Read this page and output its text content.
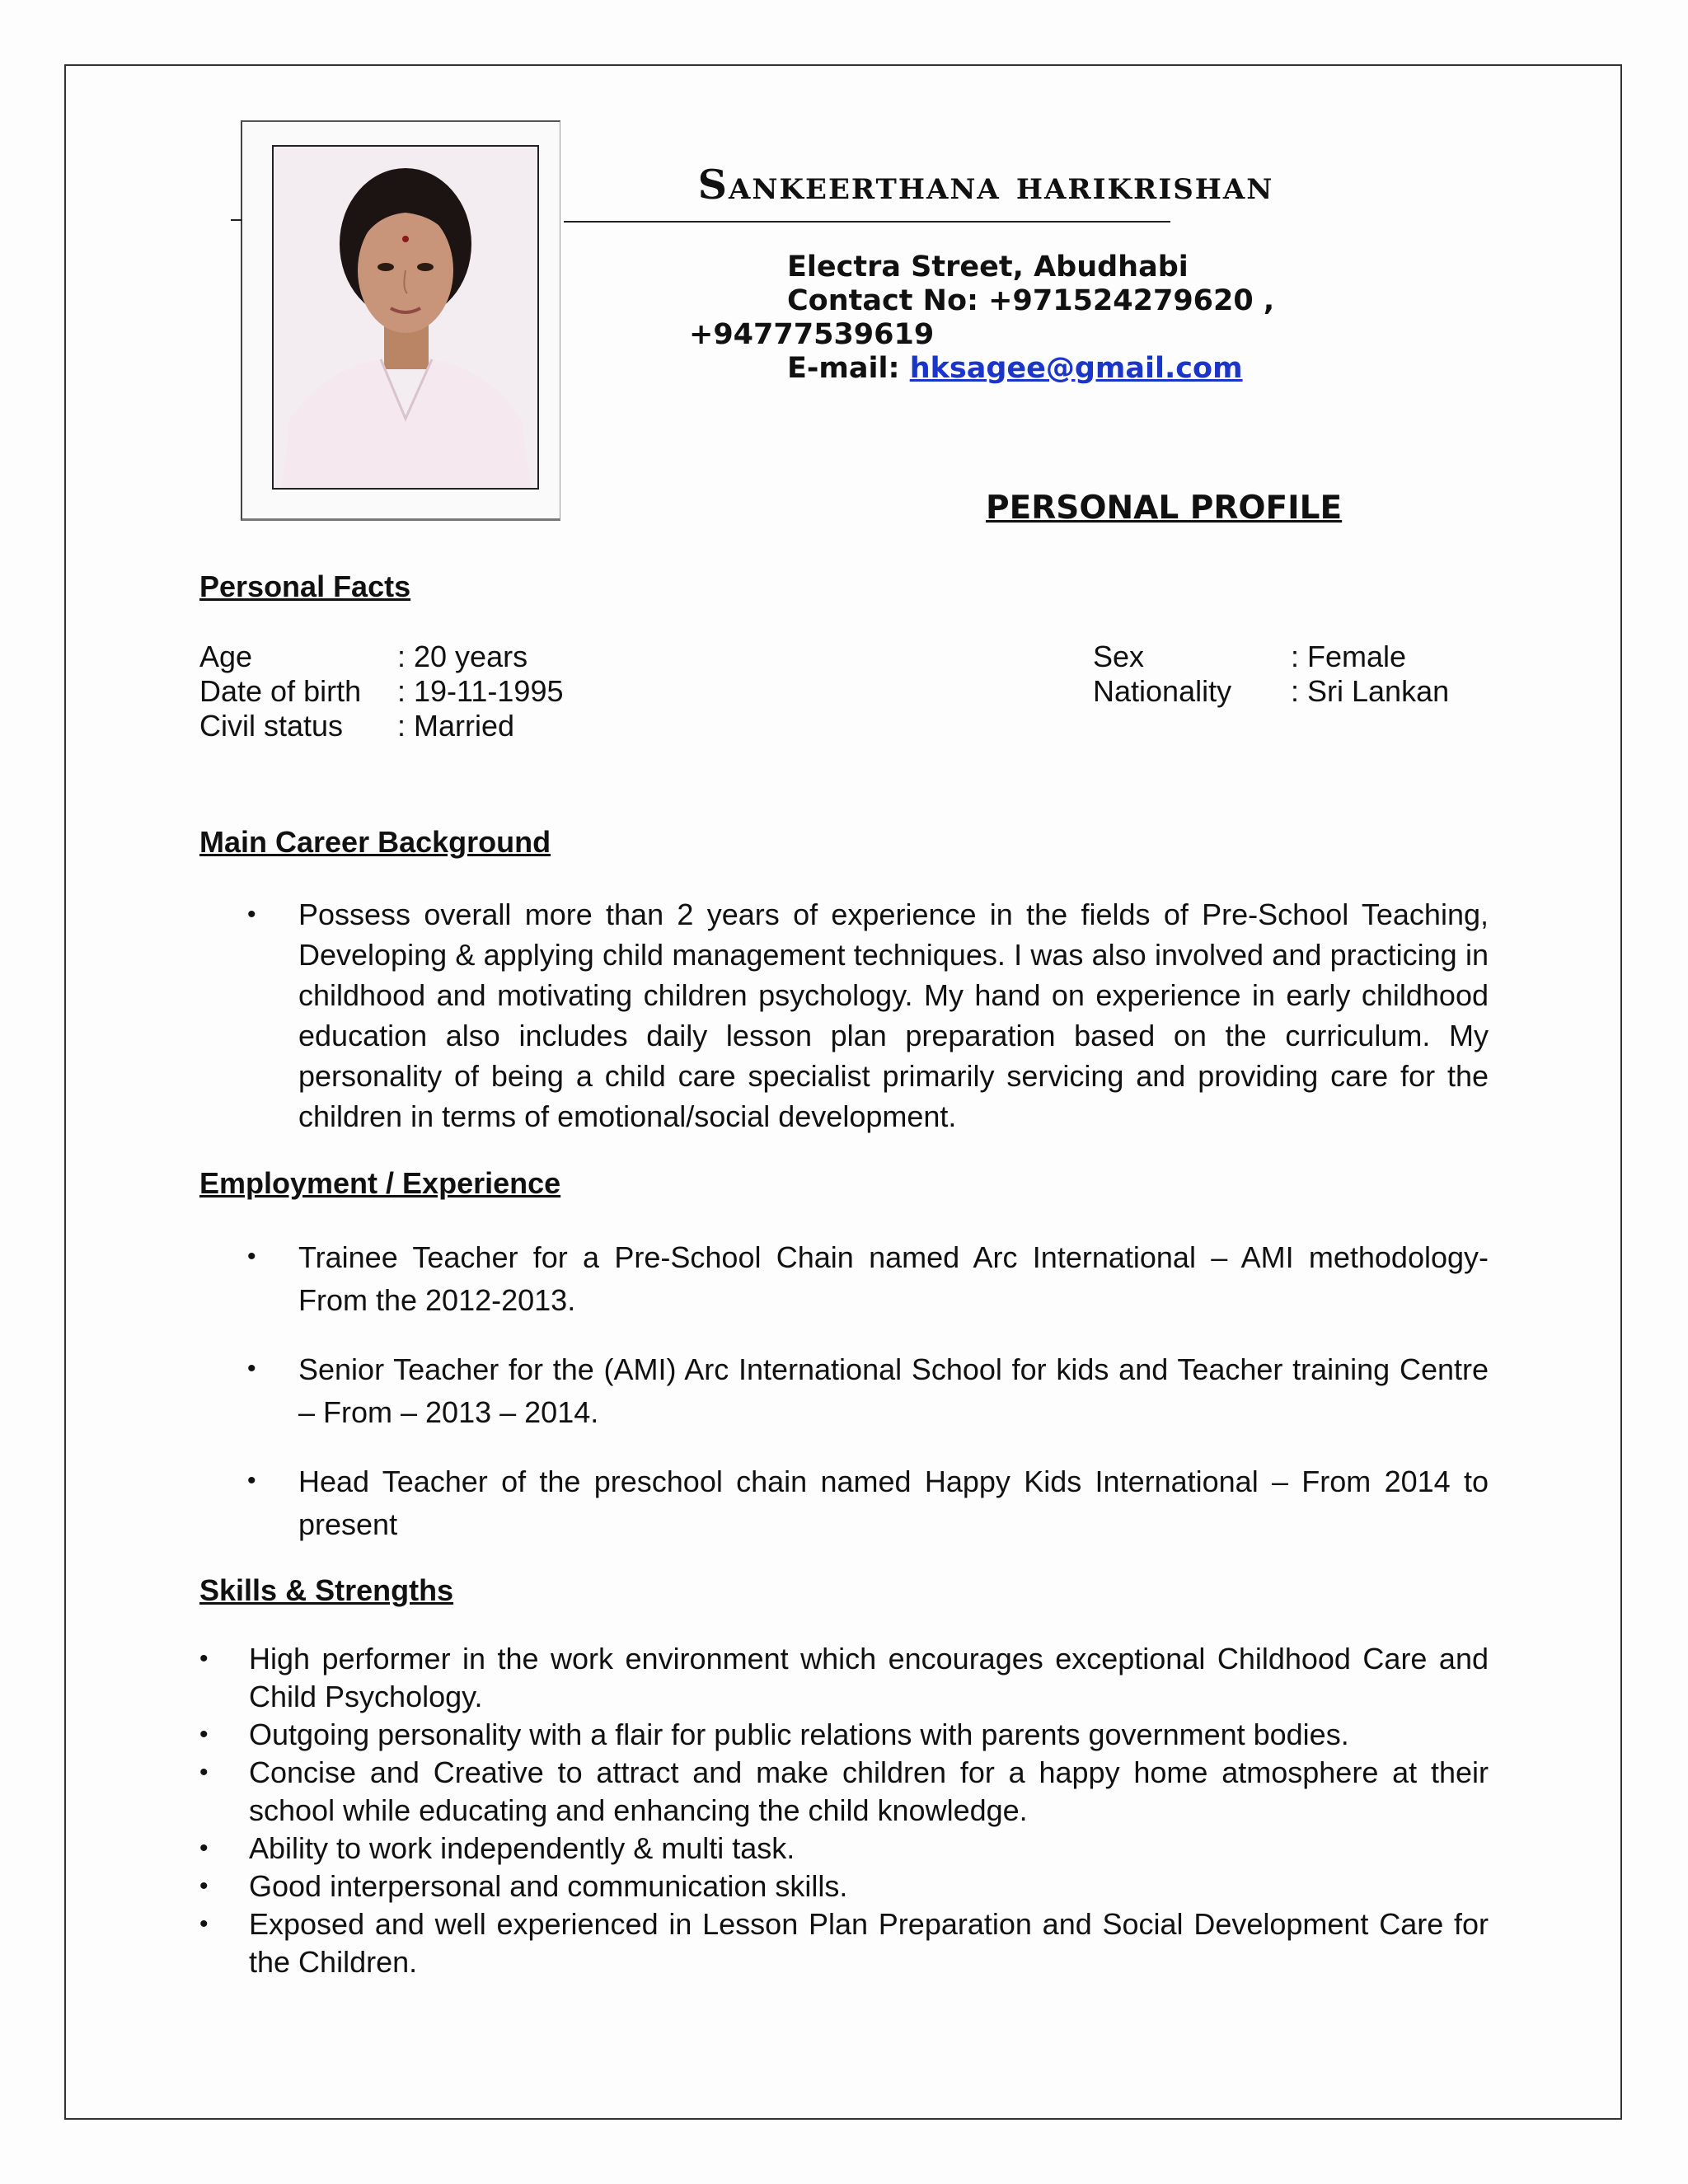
Sankeerthana harikrishan
Electra Street, Abudhabi
Contact No: +971524279620 ,
+94777539619
E-mail: hksagee@gmail.com
PERSONAL PROFILE
Personal Facts
Age	: 20 years
Date of birth : 19-11-1995
Civil status : Married
Sex	: Female
Nationality : Sri Lankan
Main Career Background
• Possess overall more than 2 years of experience in the fields of Pre-School Teaching, Developing & applying child management techniques. I was also involved and practicing in childhood and motivating children psychology. My hand on experience in early childhood education also includes daily lesson plan preparation based on the curriculum. My personality of being a child care specialist primarily servicing and providing care for the children in terms of emotional/social development.

Employment / Experience
• Trainee Teacher for a Pre-School Chain named Arc International – AMI methodology- From the 2012-2013.

• Senior Teacher for the (AMI) Arc International School for kids and Teacher training Centre – From – 2013 – 2014.

• Head Teacher of the preschool chain named Happy Kids International – From 2014 to present

Skills & Strengths
• High performer in the work environment which encourages exceptional Childhood Care and Child Psychology.
• Outgoing personality with a flair for public relations with parents government bodies.
• Concise and Creative to attract and make children for a happy home atmosphere at their school while educating and enhancing the child knowledge.
• Ability to work independently & multi task.
• Good interpersonal and communication skills.
• Exposed and well experienced in Lesson Plan Preparation and Social Development Care for the Children.
